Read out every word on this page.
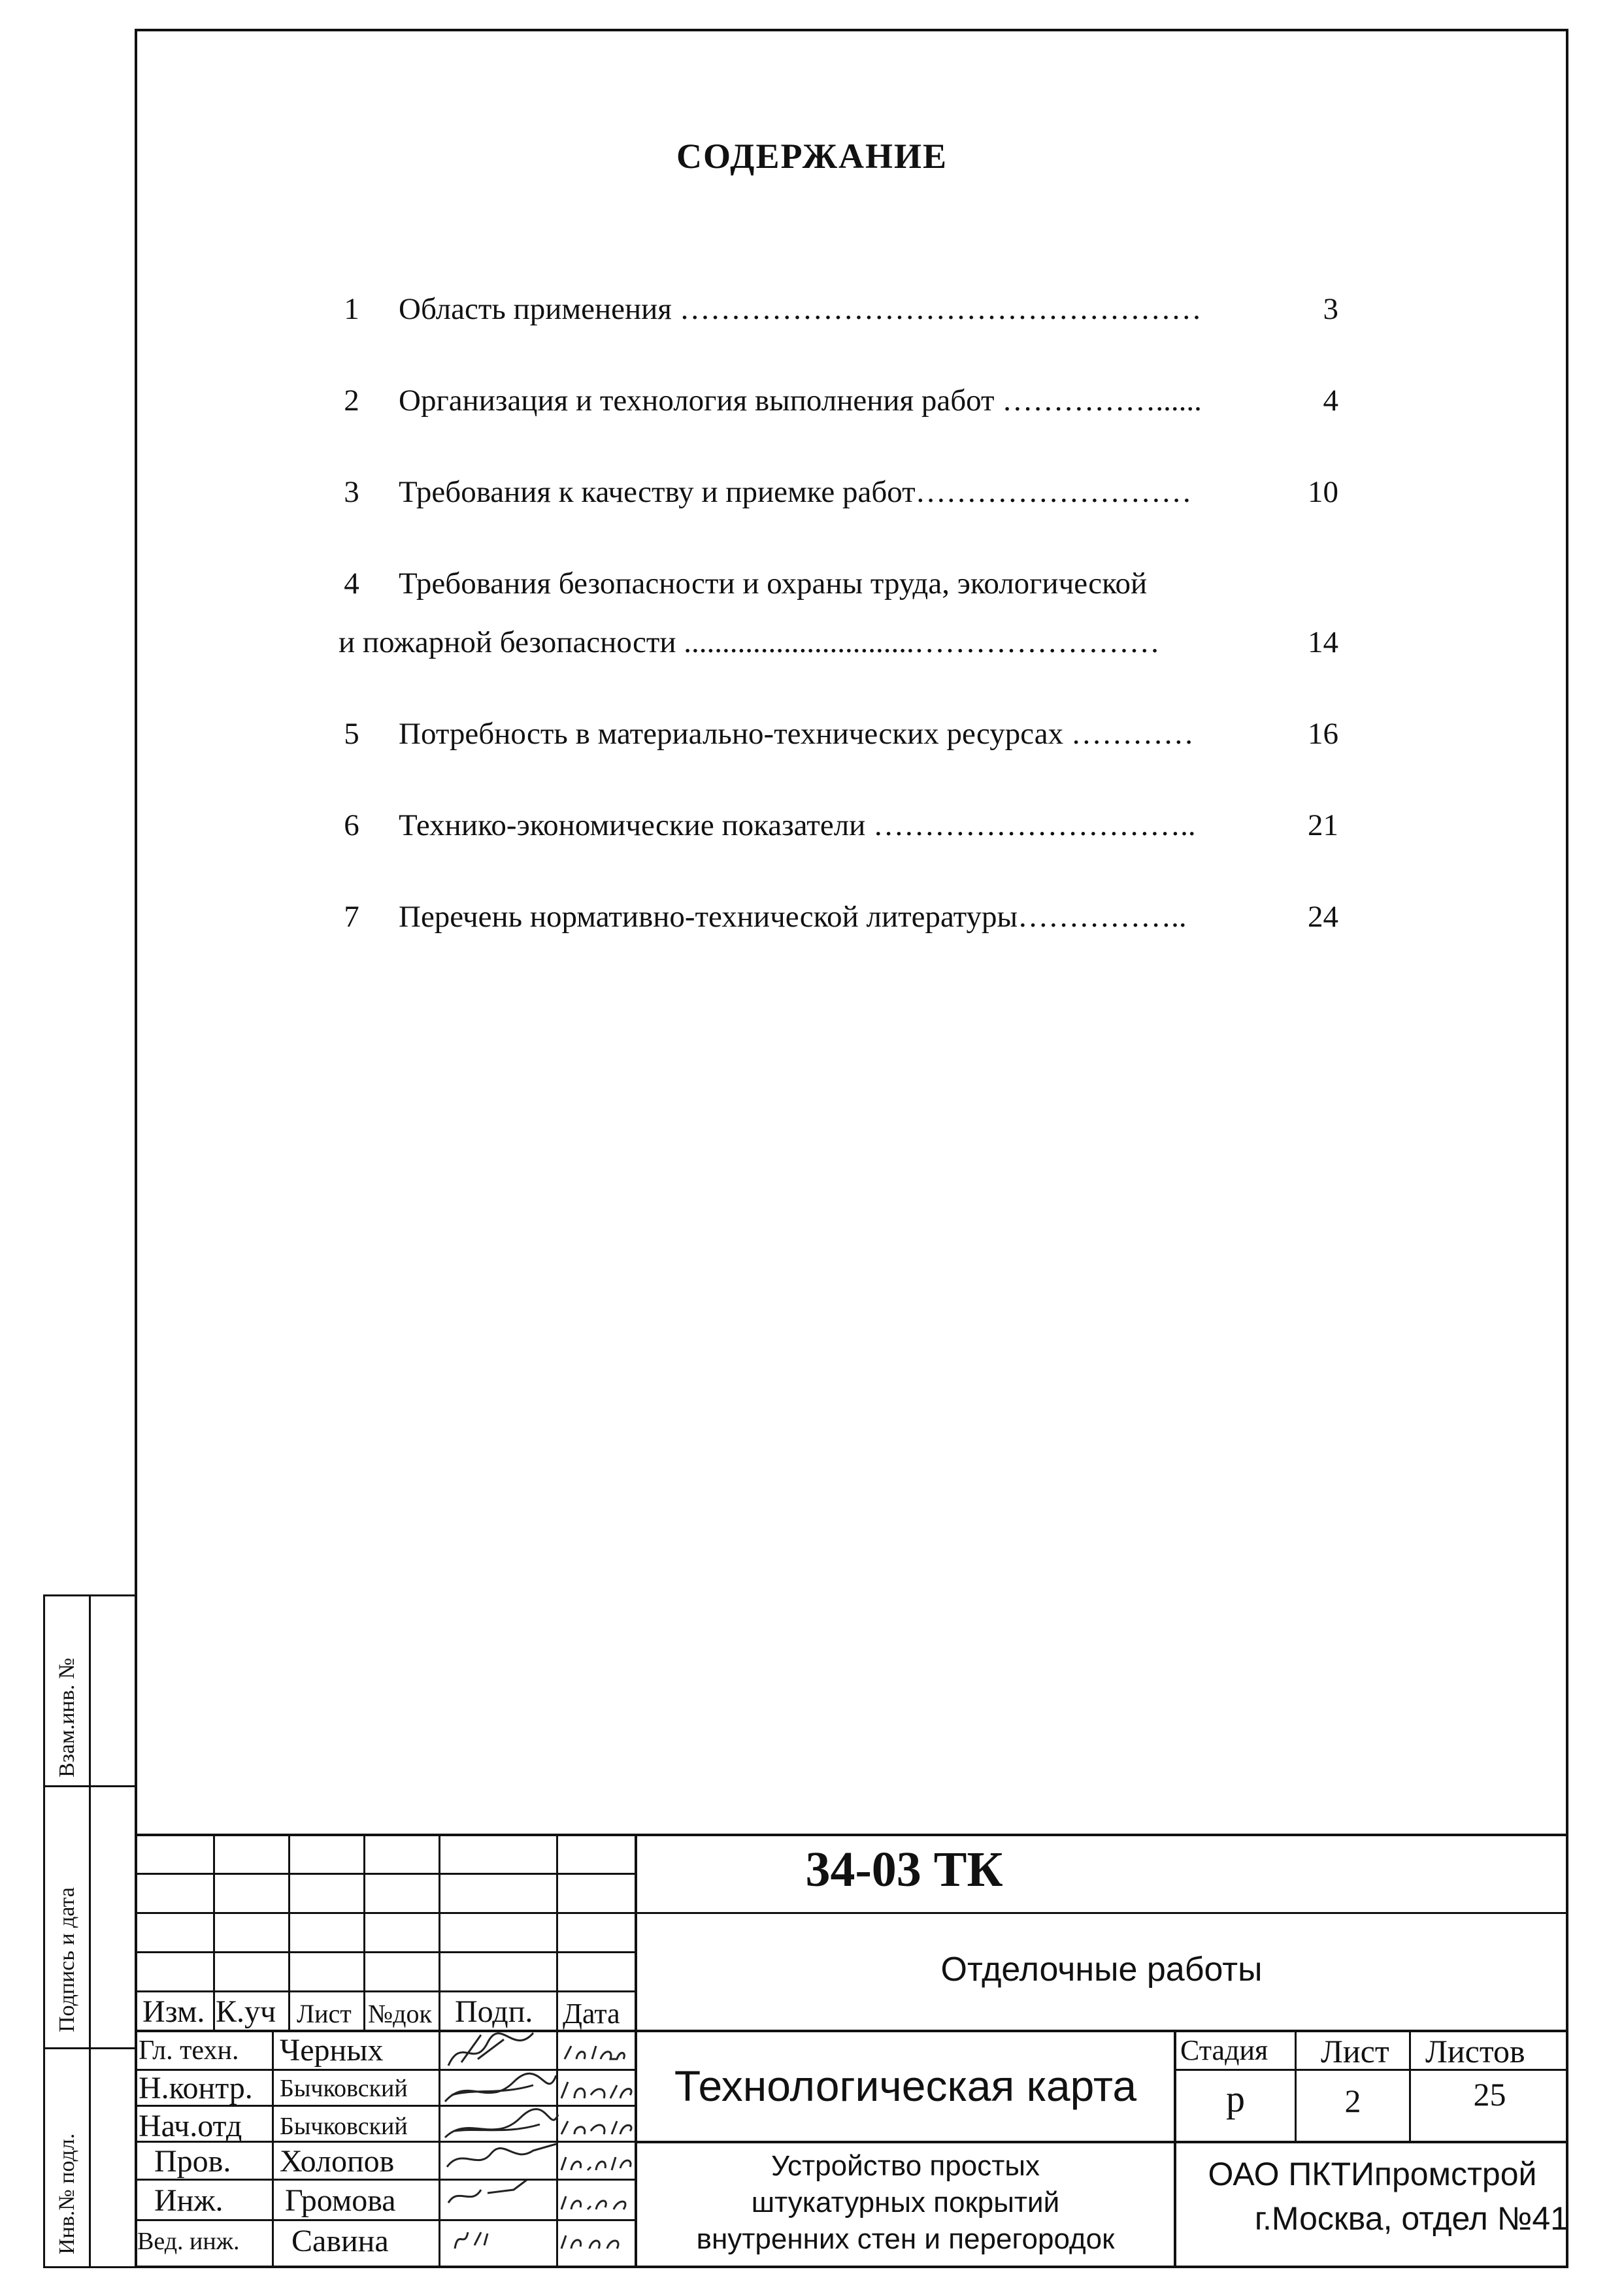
СОДЕРЖАНИЕ
1 Область применения ……………………………………………	3
2 Организация и технология выполнения работ ……………......	4
3 Требования к качеству и приемке работ………………………	10
4 Требования безопасности и охраны труда, экологической
и пожарной безопасности ..............................……………………	14
5 Потребность в материально-технических ресурсах …………	16
6 Технико-экономические показатели …………………………..	21
7 Перечень нормативно-технической литературы……………..	24
Взам.инв. №
Подпись и дата
Инв.№ подл.
Изм. К.уч Лист №док Подп. Дата
Гл. техн. Черных
Н.контр. Бычковский
Нач.отд Бычковский
Пров. Холопов
Инж. Громова
Вед. инж. Савина
34-03 ТК
Отделочные работы
Технологическая карта
Устройство простых
штукатурных покрытий
внутренних стен и перегородок
Стадия Лист Листов
р	2	25
ОАО ПКТИпромстрой
г.Москва, отдел №41
